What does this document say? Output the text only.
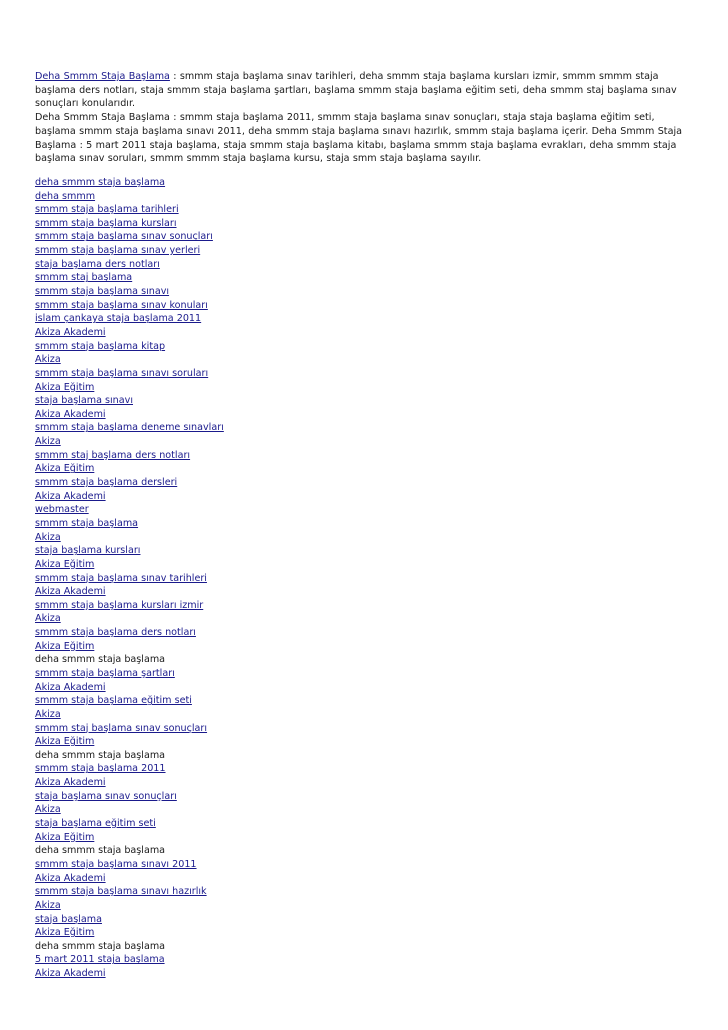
Deha Smmm Staja Başlama : smmm staja başlama sınav tarihleri, deha smmm staja başlama kursları izmir, smmm smmm staja başlama ders notları, staja smmm staja başlama şartları, başlama smmm staja başlama eğitim seti, deha smmm staj başlama sınav sonuçları konularıdır.
Deha Smmm Staja Başlama : smmm staja başlama 2011, smmm staja başlama sınav sonuçları, staja staja başlama eğitim seti, başlama smmm staja başlama sınavı 2011, deha smmm staja başlama sınavı hazırlık, smmm staja başlama içerir. Deha Smmm Staja Başlama : 5 mart 2011 staja başlama, staja smmm staja başlama kitabı, başlama smmm staja başlama evrakları, deha smmm staja başlama sınav soruları, smmm smmm staja başlama kursu, staja smm staja başlama sayılır.

deha smmm staja başlama
deha smmm
smmm staja başlama tarihleri
smmm staja başlama kursları
smmm staja başlama sınav sonuçları
smmm staja başlama sınav yerleri
staja başlama ders notları
smmm staj başlama
smmm staja başlama sınavı
smmm staja başlama sınav konuları
islam çankaya staja başlama 2011
Akiza Akademi
smmm staja başlama kitap
Akiza
smmm staja başlama sınavı soruları
Akiza Eğitim
staja başlama sınavı
Akiza Akademi
smmm staja başlama deneme sınavları
Akiza
smmm staj başlama ders notları
Akiza Eğitim
smmm staja başlama dersleri
Akiza Akademi
webmaster
smmm staja başlama
Akiza
staja başlama kursları
Akiza Eğitim
smmm staja başlama sınav tarihleri
Akiza Akademi
smmm staja başlama kursları izmir
Akiza
smmm staja başlama ders notları
Akiza Eğitim
deha smmm staja başlama
smmm staja başlama şartları
Akiza Akademi
smmm staja başlama eğitim seti
Akiza
smmm staj başlama sınav sonuçları
Akiza Eğitim
deha smmm staja başlama
smmm staja başlama 2011
Akiza Akademi
staja başlama sınav sonuçları
Akiza
staja başlama eğitim seti
Akiza Eğitim
deha smmm staja başlama
smmm staja başlama sınavı 2011
Akiza Akademi
smmm staja başlama sınavı hazırlık
Akiza
staja başlama
Akiza Eğitim
deha smmm staja başlama
5 mart 2011 staja başlama
Akiza Akademi
